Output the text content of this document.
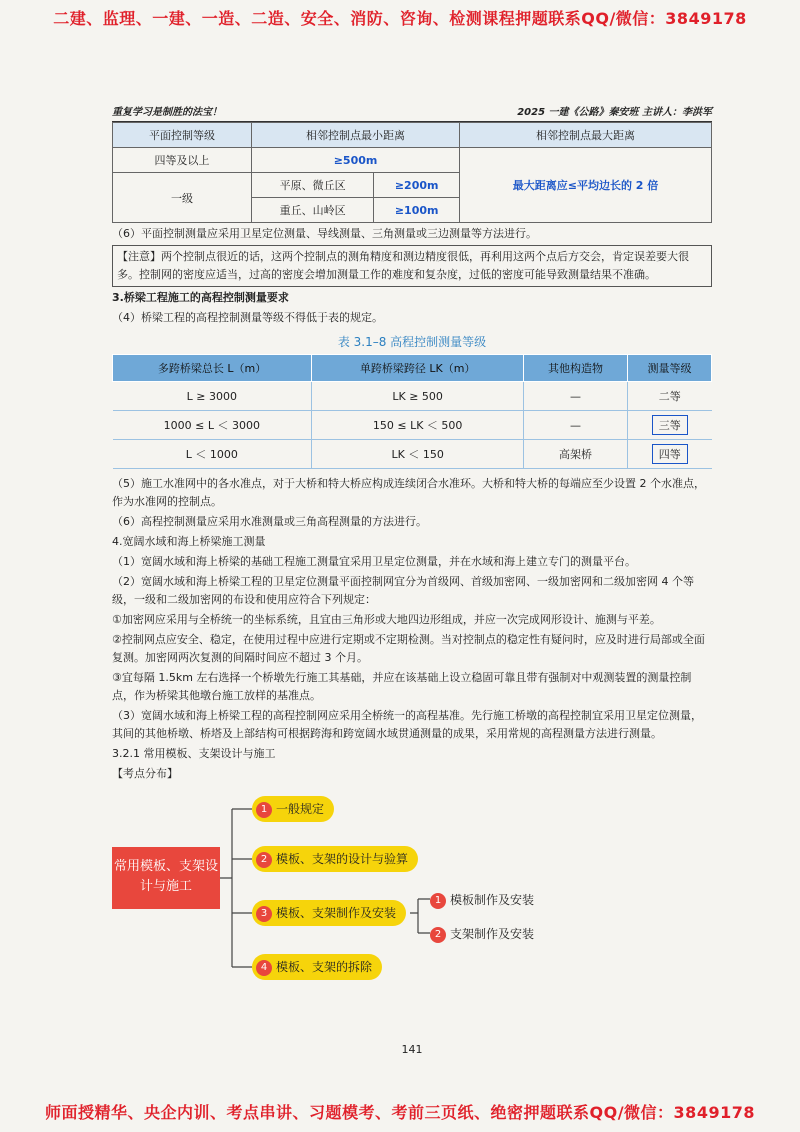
二建、监理、一建、一造、二造、安全、消防、咨询、检测课程押题联系QQ/微信：3849178
重复学习是制胜的法宝！	2025 一建《公路》秦安班 主讲人：李洪军
平面控制等级	相邻控制点最小距离		相邻控制点最大距离
四等及以上	≥500m		最大距离应≤平均边长的 2 倍
一级	平原、微丘区	≥200m	
	重丘、山岭区	≥100m	
（6）平面控制测量应采用卫星定位测量、导线测量、三角测量或三边测量等方法进行。
【注意】两个控制点很近的话，这两个控制点的测角精度和测边精度很低，再利用这两个点后方交会，肯定误差要大很多。控制网的密度应适当，过高的密度会增加测量工作的难度和复杂度，过低的密度可能导致测量结果不准确。
3.桥梁工程施工的高程控制测量要求
（4）桥梁工程的高程控制测量等级不得低于表的规定。
表 3.1–8 高程控制测量等级
多跨桥梁总长 L（m）	单跨桥梁跨径 LK（m）	其他构造物	测量等级
L ≥ 3000	LK ≥ 500	—	二等
1000 ≤ L ＜ 3000	150 ≤ LK ＜ 500	—	三等
L ＜ 1000	LK ＜ 150	高架桥	四等
（5）施工水准网中的各水准点，对于大桥和特大桥应构成连续闭合水准环。大桥和特大桥的每端应至少设置 2 个水准点，作为水准网的控制点。
（6）高程控制测量应采用水准测量或三角高程测量的方法进行。
4.宽阔水域和海上桥梁施工测量
（1）宽阔水域和海上桥梁的基础工程施工测量宜采用卫星定位测量，并在水域和海上建立专门的测量平台。
（2）宽阔水域和海上桥梁工程的卫星定位测量平面控制网宜分为首级网、首级加密网、一级加密网和二级加密网 4 个等级，一级和二级加密网的布设和使用应符合下列规定：
①加密网应采用与全桥统一的坐标系统，且宜由三角形或大地四边形组成，并应一次完成网形设计、施测与平差。
②控制网点应安全、稳定，在使用过程中应进行定期或不定期检测。当对控制点的稳定性有疑问时，应及时进行局部或全面复测。加密网两次复测的间隔时间应不超过 3 个月。
③宜每隔 1.5km 左右选择一个桥墩先行施工其基础，并应在该基础上设立稳固可靠且带有强制对中观测装置的测量控制点，作为桥梁其他墩台施工放样的基准点。
（3）宽阔水域和海上桥梁工程的高程控制网应采用全桥统一的高程基准。先行施工桥墩的高程控制宜采用卫星定位测量，其间的其他桥墩、桥塔及上部结构可根据跨海和跨宽阔水域贯通测量的成果，采用常规的高程测量方法进行测量。
3.2.1 常用模板、支架设计与施工
【考点分布】
常用模板、支架设计与施工
1 一般规定
2 模板、支架的设计与验算
3 模板、支架制作及安装
4 模板、支架的拆除
1 模板制作及安装
2 支架制作及安装
141
师面授精华、央企内训、考点串讲、习题模考、考前三页纸、绝密押题联系QQ/微信：3849178
